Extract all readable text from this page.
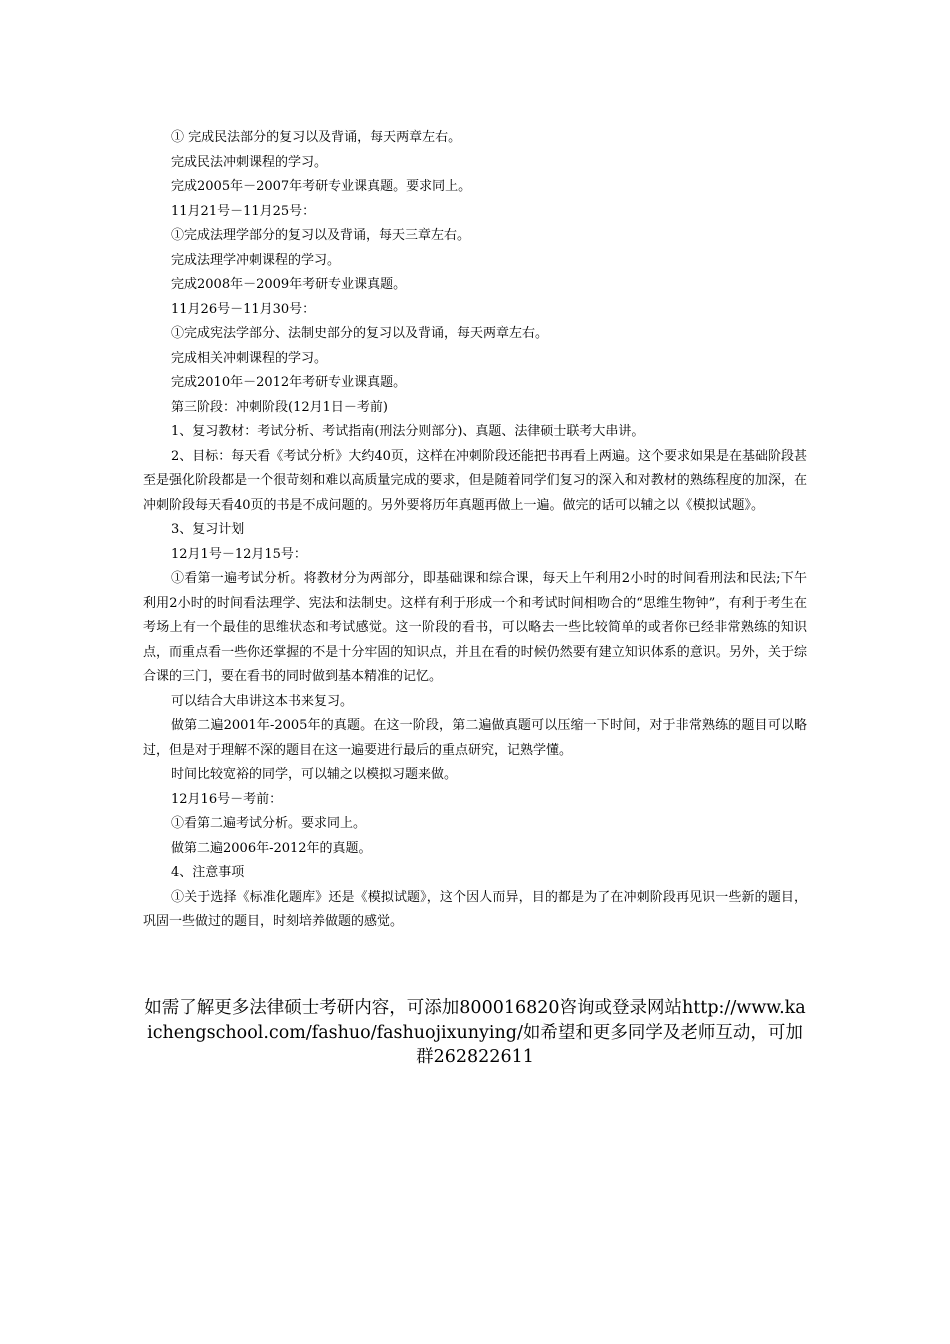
① 完成民法部分的复习以及背诵，每天两章左右。

完成民法冲刺课程的学习。

完成2005年－2007年考研专业课真题。要求同上。

11月21号－11月25号：

①完成法理学部分的复习以及背诵，每天三章左右。

完成法理学冲刺课程的学习。

完成2008年－2009年考研专业课真题。

11月26号－11月30号：

①完成宪法学部分、法制史部分的复习以及背诵，每天两章左右。

完成相关冲刺课程的学习。

完成2010年－2012年考研专业课真题。

第三阶段：冲刺阶段(12月1日－考前)

1、复习教材：考试分析、考试指南(刑法分则部分)、真题、法律硕士联考大串讲。

2、目标：每天看《考试分析》大约40页，这样在冲刺阶段还能把书再看上两遍。这个要求如果是在基础阶段甚至是强化阶段都是一个很苛刻和难以高质量完成的要求，但是随着同学们复习的深入和对教材的熟练程度的加深，在冲刺阶段每天看40页的书是不成问题的。另外要将历年真题再做上一遍。做完的话可以辅之以《模拟试题》。

3、复习计划

12月1号－12月15号：

①看第一遍考试分析。将教材分为两部分，即基础课和综合课，每天上午利用2小时的时间看刑法和民法;下午利用2小时的时间看法理学、宪法和法制史。这样有利于形成一个和考试时间相吻合的“思维生物钟”，有利于考生在考场上有一个最佳的思维状态和考试感觉。这一阶段的看书，可以略去一些比较简单的或者你已经非常熟练的知识点，而重点看一些你还掌握的不是十分牢固的知识点，并且在看的时候仍然要有建立知识体系的意识。另外，关于综合课的三门，要在看书的同时做到基本精准的记忆。

可以结合大串讲这本书来复习。

做第二遍2001年-2005年的真题。在这一阶段，第二遍做真题可以压缩一下时间，对于非常熟练的题目可以略过，但是对于理解不深的题目在这一遍要进行最后的重点研究，记熟学懂。

时间比较宽裕的同学，可以辅之以模拟习题来做。

12月16号－考前：

①看第二遍考试分析。要求同上。

做第二遍2006年-2012年的真题。

4、注意事项

①关于选择《标准化题库》还是《模拟试题》，这个因人而异，目的都是为了在冲刺阶段再见识一些新的题目，巩固一些做过的题目，时刻培养做题的感觉。

如需了解更多法律硕士考研内容，可添加800016820咨询或登录网站http://www.kaichengschool.com/fashuo/fashuojixunying/如希望和更多同学及老师互动，可加群262822611
